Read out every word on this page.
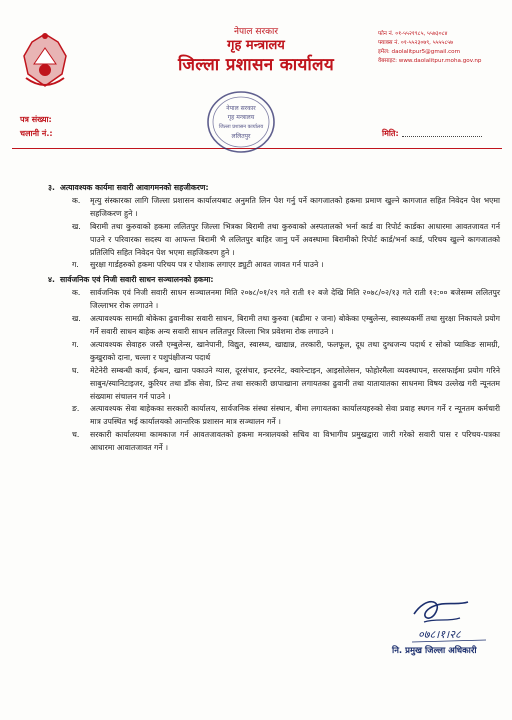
नेपाल सरकार
गृह मन्त्रालय
जिल्ला प्रशासन कार्यालय
फोन नं. ०१-५५२१९८५, ५५७३०८४
फ्याक्स नं. ०१-५५२३०७९, ५५५५८५७
इमेल: daolalitpur5@gmail.com
वेबसाइट: www.daolalitpur.moha.gov.np
पत्र संख्या:
चलानी नं.:	मिति:
नेपाल सरकार
गृह मन्त्रालय
जिल्ला प्रशासन कार्यालय
ललितपुर
३. अत्यावश्यक कार्यमा सवारी आवागमनको सहजीकरण:
क.	मृत्यु संस्कारका लागि जिल्ला प्रशासन कार्यालयबाट अनुमति लिन पेश गर्नु पर्ने कागजातको हकमा प्रमाण खुल्ने कागजात सहित निवेदन पेश भएमा सहजिकरण हुने ।
ख.	बिरामी तथा कुरुवाको हकमा ललितपुर जिल्ला भित्रका बिरामी तथा कुरुवाको अस्पतालको भर्ना कार्ड वा रिपोर्ट कार्डका आधारमा आवतजावत गर्न पाउने र परिवारका सदस्य वा आफन्त बिरामी भै ललितपुर बाहिर जानु पर्ने अवस्थामा बिरामीको रिपोर्ट कार्ड/भर्ना कार्ड, परिचय खुल्ने कागजातको प्रतिलिपि सहित निवेदन पेश भएमा सहजिकरण हुने ।
ग.	सुरक्षा गार्डहरुको हकमा परिचय पत्र र पोशाक लगाएर ड्युटी आवत जावत गर्न पाउने ।
४. सार्वजनिक एवं निजी सवारी साधन सञ्चालनको हकमा:
क.	सार्वजनिक एवं निजी सवारी साधन सञ्चालनमा मिति २०७८/०१/२९ गते राती १२ बजे देखि मिति २०७८/०२/१३ गते राती १२:०० बजेसम्म ललितपुर जिल्लाभर रोक लगाउने ।
ख.	अत्यावश्यक सामग्री बोकेका ढुवानीका सवारी साधन, बिरामी तथा कुरुवा (बढीमा २ जना) बोकेका एम्बुलेन्स, स्वास्थ्यकर्मी तथा सुरक्षा निकायले प्रयोग गर्ने सवारी साधन बाहेक अन्य सवारी साधन ललितपुर जिल्ला भित्र प्रवेशमा रोक लगाउने ।
ग.	अत्यावश्यक सेवाहरु जस्तै एम्बुलेन्स, खानेपानी, विद्युत, स्वास्थ्य, खाद्यान्न, तरकारी, फलफूल, दूध तथा दुग्धजन्य पदार्थ र सोको प्याकिङ सामग्री, कुखुराको दाना, चल्ला र पशुपंक्षीजन्य पदार्थ
घ.	मेटेनेरी सम्बन्धी कार्य, ईन्धन, खाना पकाउने ग्यास, दूरसंचार, इन्टरनेट, क्वारेन्टाइन, आइसोलेसन, फोहोरमैला व्यवस्थापन, सरसफाईमा प्रयोग गरिने साबुन/स्यानिटाइजर, कुरियर तथा डाँक सेवा, प्रिन्ट तथा सरकारी छापाखाना लगायतका ढुवानी तथा यातायातका साधनमा विषय उल्लेख गरी न्यूनतम संख्यामा संचालन गर्न पाउने ।
ङ.	अत्यावश्यक सेवा बाहेकका सरकारी कार्यालय, सार्वजनिक संस्था संस्थान, बीमा लगायतका कार्यालयहरुको सेवा प्रवाह स्थगन गर्ने र न्यूनतम कर्मचारी मात्र उपस्थित भई कार्यालयको आन्तरिक प्रशासन मात्र सञ्चालन गर्ने ।
च.	सरकारी कार्यालयमा कामकाज गर्न आवतजावतको हकमा मन्त्रालयको सचिव वा विभागीय प्रमुखद्वारा जारी गरेको सवारी पास र परिचय-पत्रका आधारमा आवातजावत गर्ने ।
०७८।१।२८
नि. प्रमुख जिल्ला अधिकारी
